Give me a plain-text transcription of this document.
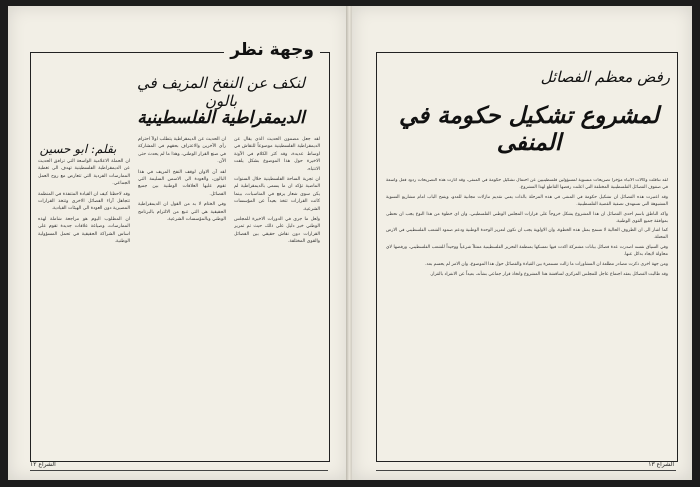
وجهة نظر
لنكف عن النفخ المزيف في بالون
الديمقراطية الفلسطينية
بقلم: ابو حسين

لقد جعل مضمون الحديث الذي يقال عن الديمقراطية الفلسطينية موضوعاً للنقاش في اوساط عديدة، وقد كثر الكلام في الآونة الاخيرة حول هذا الموضوع بشكل يلفت الانتباه.

ان تجربة الساحة الفلسطينية خلال السنوات الماضية تؤكد ان ما يسمى بالديمقراطية لم يكن سوى شعار يرفع في المناسبات، بينما كانت القرارات تتخذ بعيداً عن المؤسسات الشرعية.

ولعل ما جرى في الدورات الاخيرة للمجلس الوطني خير دليل على ذلك، حيث تم تمرير القرارات دون نقاش حقيقي بين الفصائل والقوى المختلفة.

ان الحديث عن الديمقراطية يتطلب اولاً احترام رأي الآخرين والاعتراف بحقهم في المشاركة في صنع القرار الوطني، وهذا ما لم يحدث حتى الآن.

لقد آن الاوان لوقف النفخ المزيف في هذا البالون، والعودة الى الاسس السليمة التي تقوم عليها العلاقات الوطنية بين جميع الفصائل.

وفي الختام لا بد من القول ان الديمقراطية الحقيقية هي التي تنبع من الالتزام بالبرنامج الوطني وبالمؤسسات الشرعية.

ان الحملة الاعلامية الواسعة التي ترافق الحديث عن الديمقراطية الفلسطينية تهدف الى تغطية الممارسات الفردية التي تتعارض مع روح العمل الجماعي.

وقد لاحظنا كيف ان القيادة المتنفذة في المنظمة تتجاهل آراء الفصائل الاخرى وتتخذ القرارات المصيرية دون العودة الى الهيئات القيادية.

ان المطلوب اليوم هو مراجعة شاملة لهذه الممارسات، وصياغة علاقات جديدة تقوم على اساس الشراكة الحقيقية في تحمل المسؤولية الوطنية.

الشراع ١٢
رفض معظم الفصائل
لمشروع تشكيل حكومة في المنفى

لقد تناقلت وكالات الانباء مؤخراً تصريحات منسوبة لمسؤولين فلسطينيين عن احتمال تشكيل حكومة في المنفى، وقد اثارت هذه التصريحات ردود فعل واسعة في صفوف الفصائل الفلسطينية المختلفة التي اعلنت رفضها القاطع لهذا المشروع.

وقد اعتبرت هذه الفصائل ان تشكيل حكومة في المنفى في هذه المرحلة بالذات يعني تقديم تنازلات مجانية للعدو، ويفتح الباب امام مشاريع التسوية المشبوهة التي تستهدف تصفية القضية الفلسطينية.

واكد الناطق باسم احدى الفصائل ان هذا المشروع يشكل خروجاً على قرارات المجلس الوطني الفلسطيني، وان اي خطوة من هذا النوع يجب ان تحظى بموافقة جميع القوى الوطنية.

كما اشار الى ان الظروف الحالية لا تسمح بمثل هذه الخطوة، وان الاولوية يجب ان تكون لتعزيز الوحدة الوطنية ودعم صمود الشعب الفلسطيني في الارض المحتلة.

وفي السياق نفسه اصدرت عدة فصائل بيانات مشتركة اكدت فيها تمسكها بمنظمة التحرير الفلسطينية ممثلاً شرعياً ووحيداً للشعب الفلسطيني، ورفضها لاي محاولة لايجاد بدائل عنها.

ومن جهة اخرى ذكرت مصادر مطلعة ان المشاورات ما زالت مستمرة بين القيادة والفصائل حول هذا الموضوع، وان الامر لم يحسم بعد.

وقد طالبت الفصائل بعقد اجتماع عاجل للمجلس المركزي لمناقشة هذا المشروع واتخاذ قرار جماعي بشأنه، بعيداً عن الانفراد بالقرار.

الشراع ١٣
